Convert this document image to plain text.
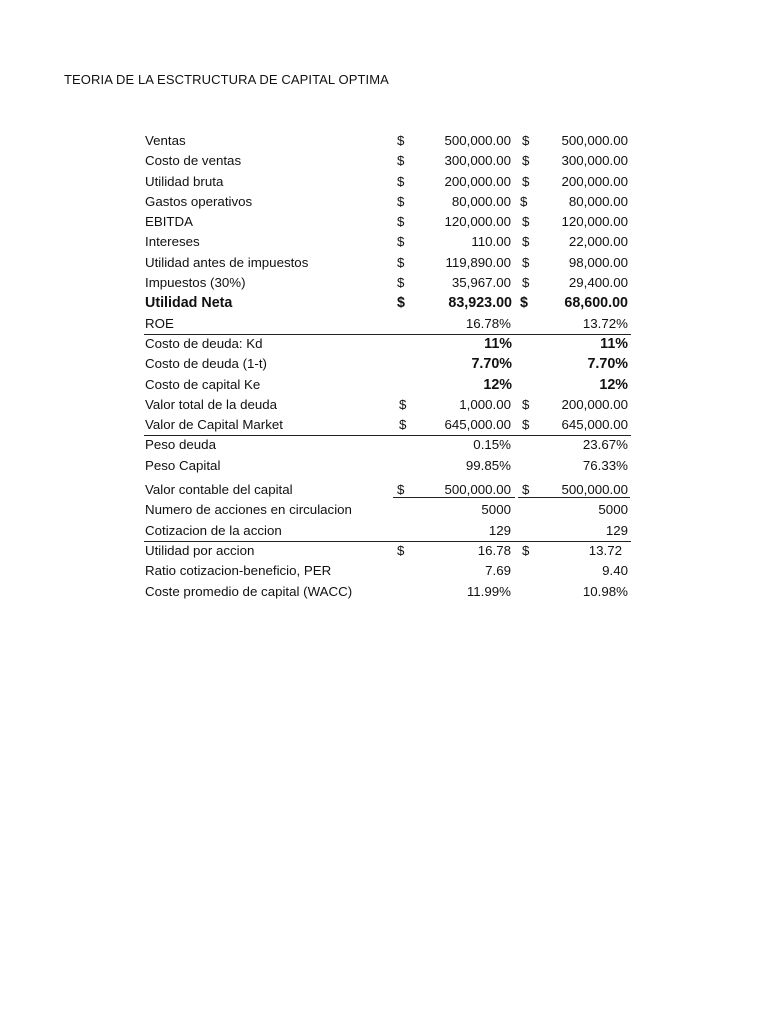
TEORIA DE LA ESCTRUCTURA DE CAPITAL OPTIMA
Ventas	$	500,000.00 $	500,000.00
Costo de ventas	$	300,000.00 $	300,000.00
Utilidad bruta	$	200,000.00 $	200,000.00
Gastos operativos	$	80,000.00 $	80,000.00
EBITDA	$	120,000.00 $	120,000.00
Intereses	$	110.00 $	22,000.00
Utilidad antes de impuestos	$	119,890.00 $	98,000.00
Impuestos (30%)	$	35,967.00 $	29,400.00
Utilidad Neta	$	83,923.00 $	68,600.00
ROE	16.78%	13.72%
Costo de deuda: Kd	11%	11%
Costo de deuda (1-t)	7.70%	7.70%
Costo de capital Ke	12%	12%
Valor total de la deuda	$	1,000.00 $	200,000.00
Valor de Capital Market	$	645,000.00 $	645,000.00
Peso deuda	0.15%	23.67%
Peso Capital	99.85%	76.33%
Valor contable del capital	$	500,000.00 $	500,000.00
Numero de acciones en circulacion	5000	5000
Cotizacion de la accion	129	129
Utilidad por accion	$	16.78 $	13.72
Ratio cotizacion-beneficio, PER	7.69	9.40
Coste promedio de capital (WACC)	11.99%	10.98%
